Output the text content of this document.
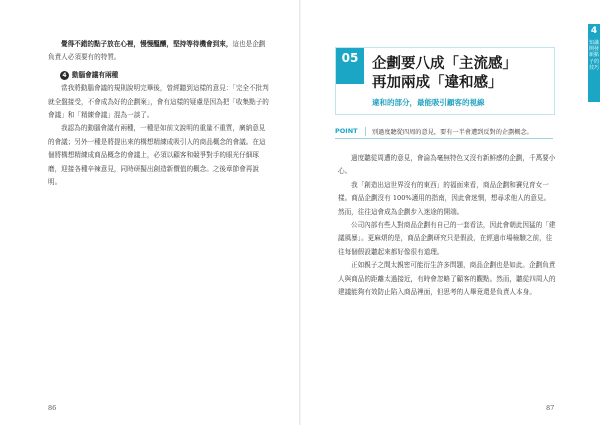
覺得不錯的點子放在心裡，慢慢醞釀，堅持等待機會到來，這也是企劃負責人必須要有的特質。

4 動腦會議有兩種

當我將動腦會議的規則說明完畢後，曾經聽到這樣的意見：「完全不批判就全盤接受，不會成為好的企劃案」，會有這樣的疑慮是因為把「收集點子的會議」和「精練會議」混為一談了。

我認為的動腦會議有兩種，一種是如前文說明的重量不重質，廣納意見的會議；另外一種是將提出來的構想精練成吸引人的商品概念的會議。在這個將構想精練成商品概念的會議上，必須以顧客和競爭對手的眼光仔細琢磨，迎接各種辛辣意見，同時研擬出創造新價值的概念。之後章節會再說明。

86
05 企劃要八成「主流感」
再加兩成「違和感」
違和的部分，最能吸引顧客的視線
POINT	別過度聽從四周的意見，要有一半會遭到反對的企劃概念。

過度聽從周遭的意見，會淪為毫無特色又沒有新鮮感的企劃，千萬要小心。

我「創造出這世界沒有的東西」的福面來看，商品企劃和賽兒育女一樣。商品企劃沒有 100%適用的指南，因此會迷惘，想尋求他人的意見。然而，往往這會成為企劃步入迷途的開端。

公司內部有些人對商品企劃有自己的一套看法，因此會朝此因猛的「建議風暴」。更麻煩的是，商品企劃研究只是假設，在經過市場檢驗之前，往往每個假設聽起來都好像很有道理。

正如親子之間太親密可能衍生許多問題，商品企劃也是如此。企劃負責人與商品的距離太過接近，有時會忽略了顧客的觀點。然而，聽從四周人的建議能夠有效防止陷入商品裡面，但思考的人畢竟還是負責人本身。

87
4
知識開發新點子的技巧
